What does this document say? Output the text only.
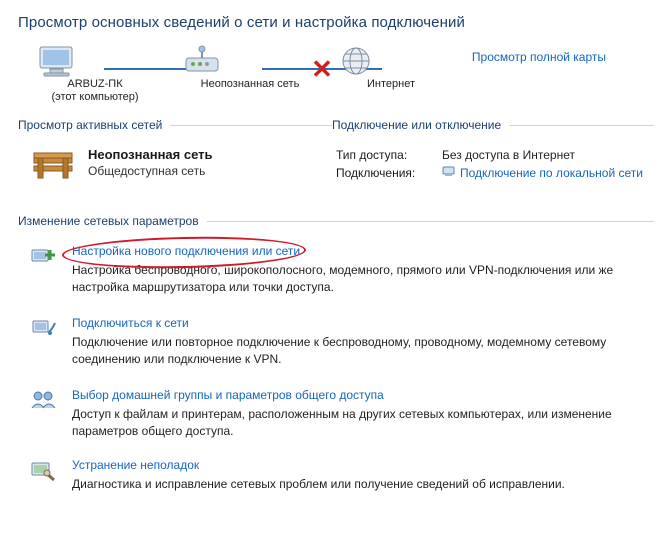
Просмотр основных сведений о сети и настройка подключений
✕
ARBUZ-ПК
(этот компьютер)
Неопознанная сеть	Интернет
Просмотр полной карты
Просмотр активных сетей	Подключение или отключение
Неопознанная сеть
Общедоступная сеть
Тип доступа:	Без доступа в Интернет
Подключения:	Подключение по локальной сети
Изменение сетевых параметров
Настройка нового подключения или сети
Настройка беспроводного, широкополосного, модемного, прямого или VPN-подключения или же настройка маршрутизатора или точки доступа.
Подключиться к сети
Подключение или повторное подключение к беспроводному, проводному, модемному сетевому соединению или подключение к VPN.
Выбор домашней группы и параметров общего доступа
Доступ к файлам и принтерам, расположенным на других сетевых компьютерах, или изменение параметров общего доступа.
Устранение неполадок
Диагностика и исправление сетевых проблем или получение сведений об исправлении.
